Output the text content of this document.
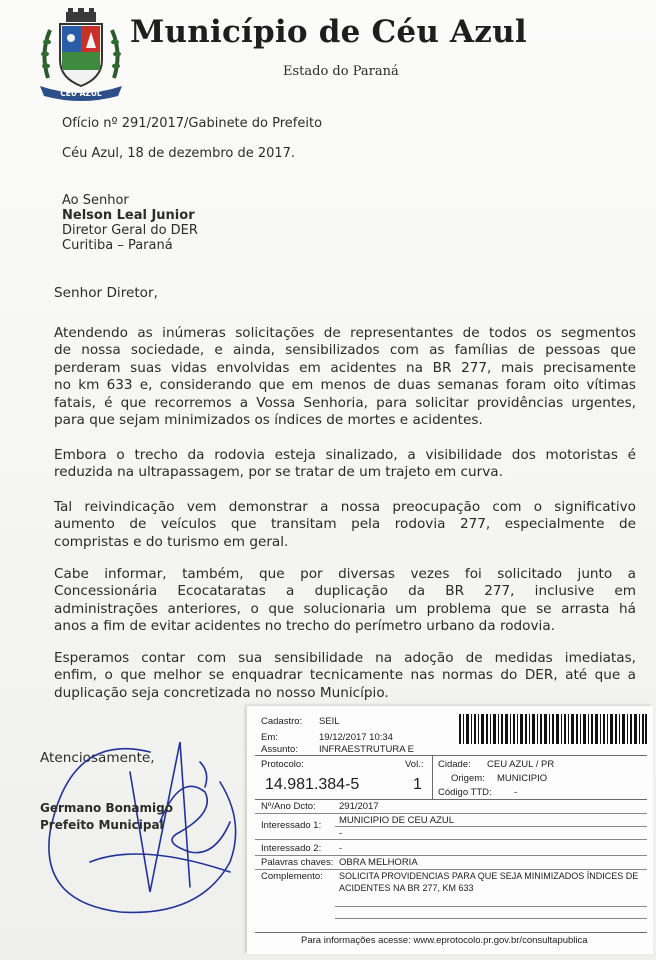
CÉU AZUL
Município de Céu Azul
Estado do Paraná
Ofício nº 291/2017/Gabinete do Prefeito
Céu Azul, 18 de dezembro de 2017.
Ao Senhor
Nelson Leal Junior
Diretor Geral do DER
Curitiba – Paraná
Senhor Diretor,
Atendendo as inúmeras solicitações de representantes de todos os segmentos
de nossa sociedade, e ainda, sensibilizados com as famílias de pessoas que
perderam suas vidas envolvidas em acidentes na BR 277, mais precisamente
no km 633 e, considerando que em menos de duas semanas foram oito vítimas
fatais, é que recorremos a Vossa Senhoria, para solicitar providências urgentes,
para que sejam minimizados os índices de mortes e acidentes.
Embora o trecho da rodovia esteja sinalizado, a visibilidade dos motoristas é
reduzida na ultrapassagem, por se tratar de um trajeto em curva.
Tal reivindicação vem demonstrar a nossa preocupação com o significativo
aumento de veículos que transitam pela rodovia 277, especialmente de
compristas e do turismo em geral.
Cabe informar, também, que por diversas vezes foi solicitado junto a
Concessionária Ecocataratas a duplicação da BR 277, inclusive em
administrações anteriores, o que solucionaria um problema que se arrasta há
anos a fim de evitar acidentes no trecho do perímetro urbano da rodovia.
Esperamos contar com sua sensibilidade na adoção de medidas imediatas,
enfim, o que melhor se enquadrar tecnicamente nas normas do DER, até que a
duplicação seja concretizada no nosso Município.
Atenciosamente,
Germano Bonamigo
Prefeito Municipal
Cadastro: SEIL
Em:	19/12/2017 10:34
Assunto: INFRAESTRUTURA E
Protocolo:
14.981.384-5
Vol.:
1
Cidade: CEU AZUL / PR
Origem: MUNICIPIO
Código TTD: -
Nº/Ano Dcto: 291/2017
Interessado 1: MUNICIPIO DE CEU AZUL
-
Interessado 2: -
Palavras chaves: OBRA MELHORIA
Complemento: SOLICITA PROVIDENCIAS PARA QUE SEJA MINIMIZADOS ÍNDICES DE
ACIDENTES NA BR 277, KM 633
Para informações acesse: www.eprotocolo.pr.gov.br/consultapublica
